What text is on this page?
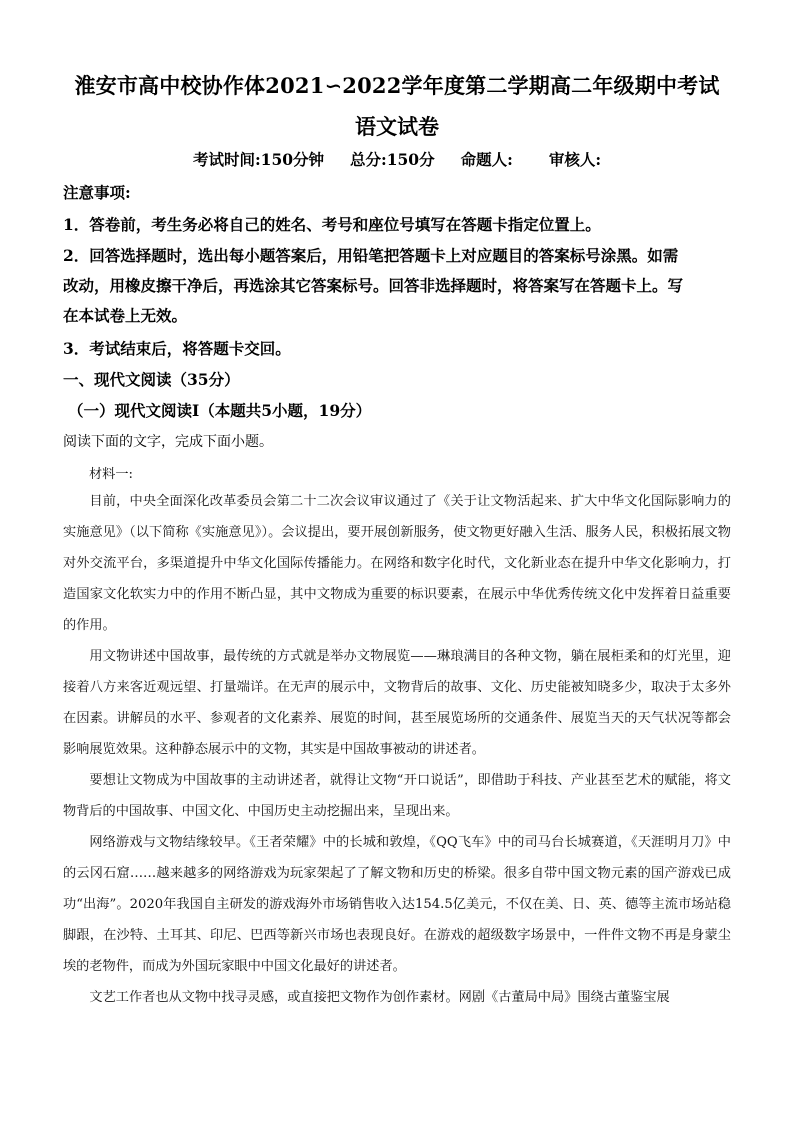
淮安市高中校协作体2021∽2022学年度第二学期高二年级期中考试
语文试卷
考试时间:150分钟 总分:150分 命题人: 审核人:
注意事项:
1．答卷前，考生务必将自己的姓名、考号和座位号填写在答题卡指定位置上。
2．回答选择题时，选出每小题答案后，用铅笔把答题卡上对应题目的答案标号涂黑。如需
改动，用橡皮擦干净后，再选涂其它答案标号。回答非选择题时，将答案写在答题卡上。写
在本试卷上无效。
3．考试结束后，将答题卡交回。
一、现代文阅读（35分）
（一）现代文阅读Ⅰ（本题共5小题，19分）
阅读下面的文字，完成下面小题。
材料一:

目前，中央全面深化改革委员会第二十二次会议审议通过了《关于让文物活起来、扩大中华文化国际影响力的实施意见》（以下简称《实施意见》）。会议提出，要开展创新服务，使文物更好融入生活、服务人民，积极拓展文物对外交流平台，多渠道提升中华文化国际传播能力。在网络和数字化时代，文化新业态在提升中华文化影响力，打造国家文化软实力中的作用不断凸显，其中文物成为重要的标识要素，在展示中华优秀传统文化中发挥着日益重要的作用。

用文物讲述中国故事，最传统的方式就是举办文物展览——琳琅满目的各种文物，躺在展柜柔和的灯光里，迎接着八方来客近观远望、打量端详。在无声的展示中，文物背后的故事、文化、历史能被知晓多少，取决于太多外在因素。讲解员的水平、参观者的文化素养、展览的时间，甚至展览场所的交通条件、展览当天的天气状况等都会影响展览效果。这种静态展示中的文物，其实是中国故事被动的讲述者。

要想让文物成为中国故事的主动讲述者，就得让文物“开口说话”，即借助于科技、产业甚至艺术的赋能，将文物背后的中国故事、中国文化、中国历史主动挖掘出来，呈现出来。

网络游戏与文物结缘较早。《王者荣耀》中的长城和敦煌，《QQ飞车》中的司马台长城赛道，《天涯明月刀》中的云冈石窟……越来越多的网络游戏为玩家架起了了解文物和历史的桥梁。很多自带中国文物元素的国产游戏已成功“出海”。2020年我国自主研发的游戏海外市场销售收入达154.5亿美元，不仅在美、日、英、德等主流市场站稳脚跟，在沙特、土耳其、印尼、巴西等新兴市场也表现良好。在游戏的超级数字场景中，一件件文物不再是身蒙尘埃的老物件，而成为外国玩家眼中中国文化最好的讲述者。

文艺工作者也从文物中找寻灵感，或直接把文物作为创作素材。网剧《古董局中局》围绕古董鉴宝展
